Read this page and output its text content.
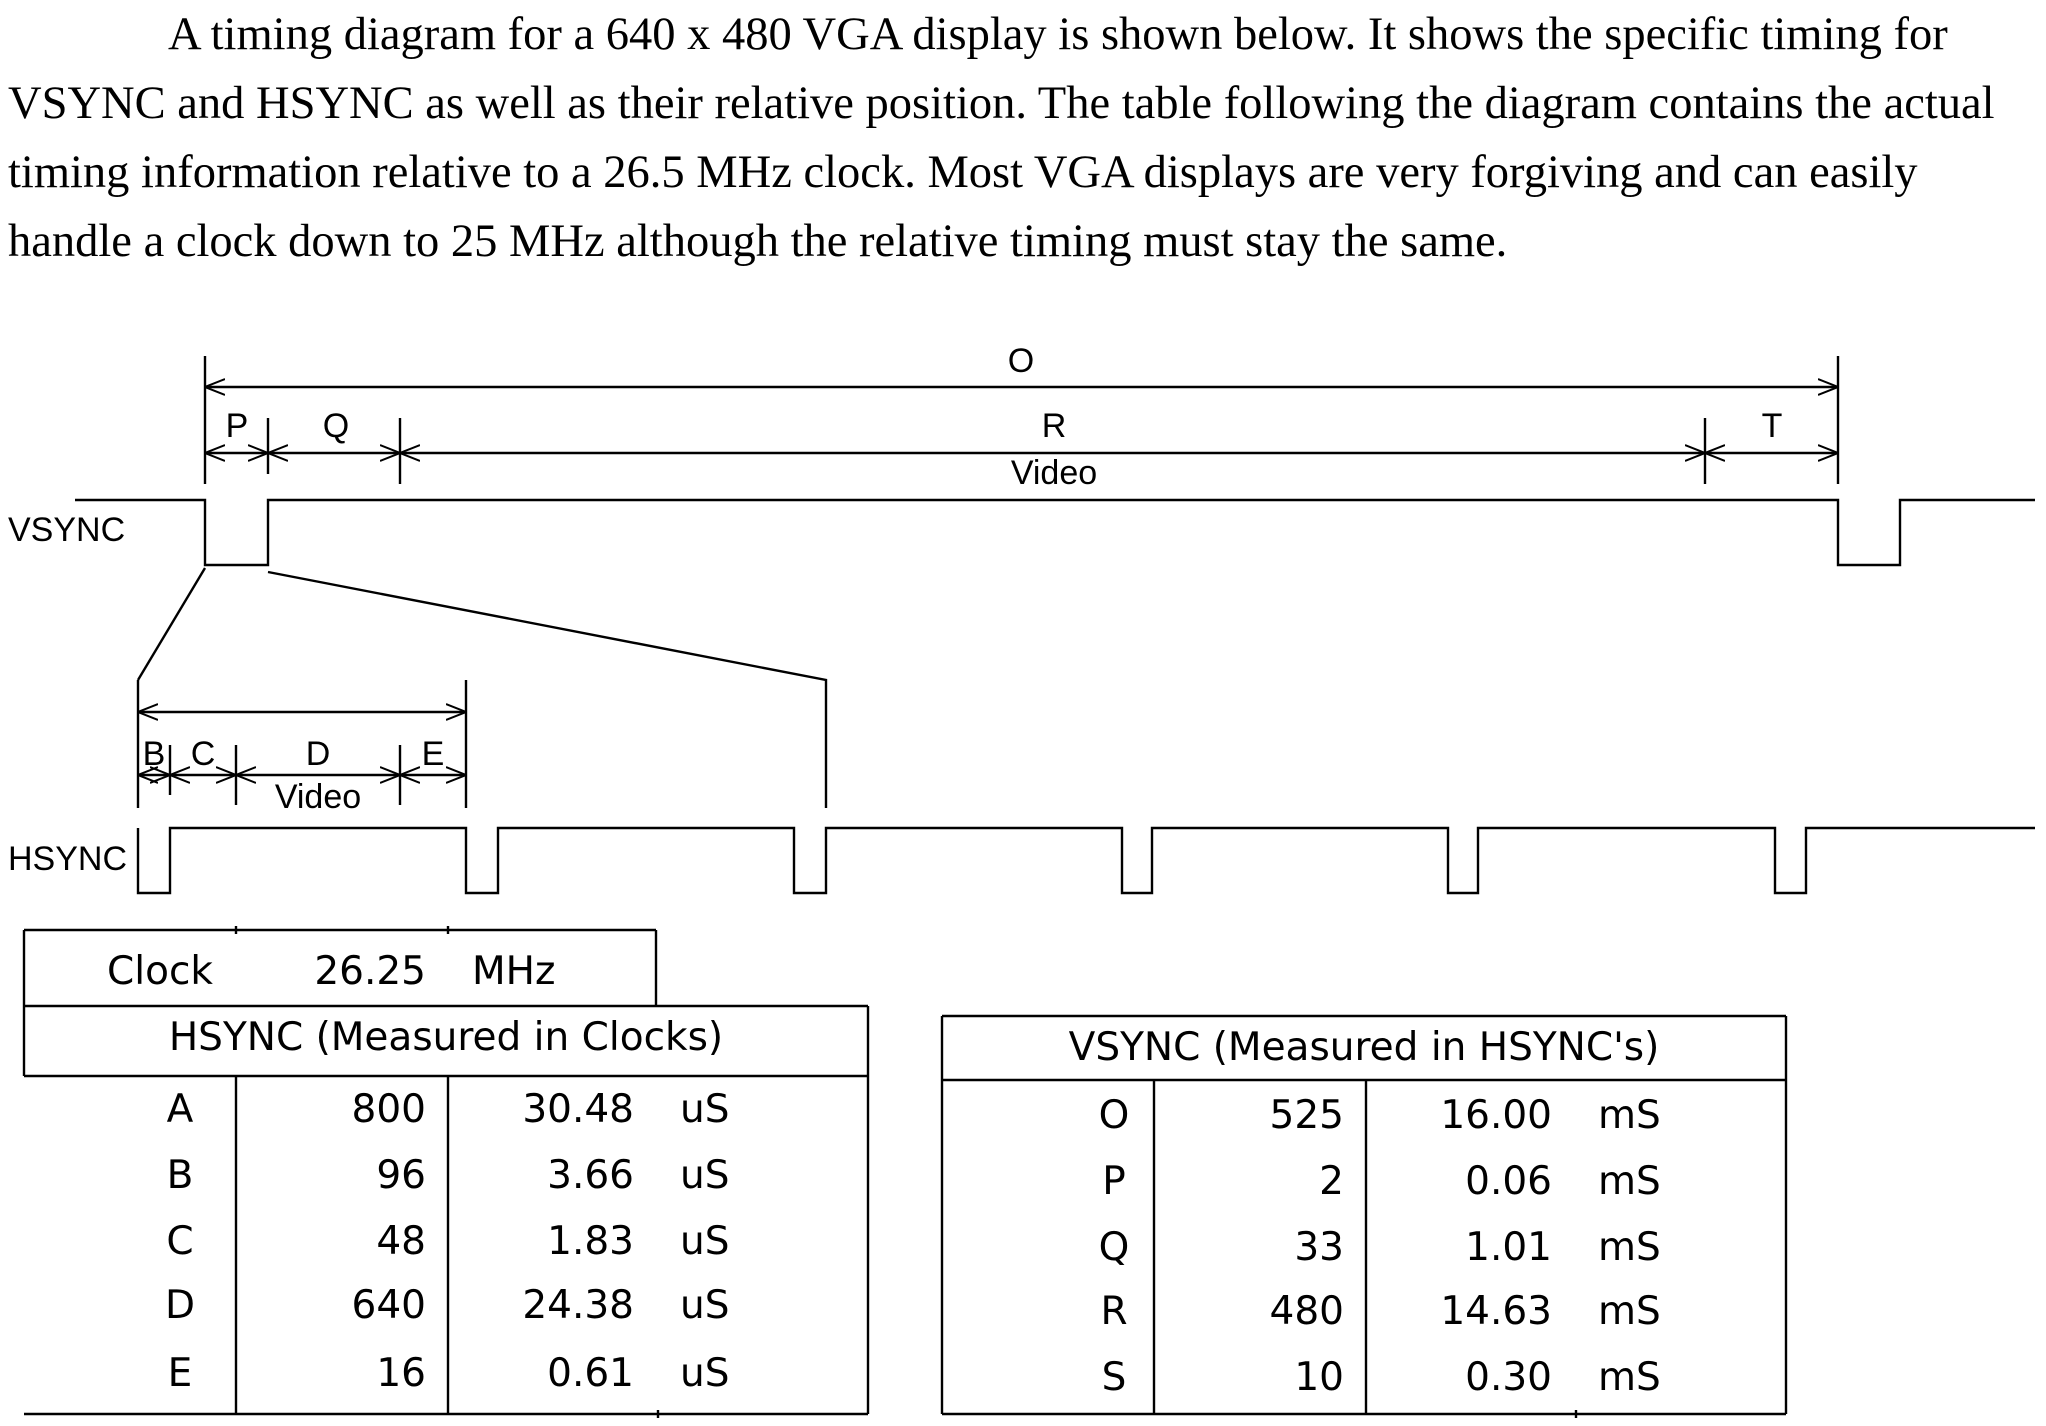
A timing diagram for a 640 x 480 VGA display is shown below. It shows the specific timing for VSYNC and HSYNC as well as their relative position. The table following the diagram contains the actual timing information relative to a 26.5 MHz clock. Most VGA displays are very forgiving and can easily handle a clock down to 25 MHz although the relative timing must stay the same.

VSYNC
HSYNC
O
P Q	R	T
Video
B C	D	E
Video
Clock	26.25 MHz
HSYNC (Measured in Clocks)
A	800	30.48 uS
B	96	3.66 uS
C	48	1.83 uS
D	640	24.38 uS
E	16	0.61 uS
VSYNC (Measured in HSYNC's)
O	525	16.00 mS
P	2	0.06 mS
Q	33	1.01 mS
R	480	14.63 mS
S	10	0.30 mS
